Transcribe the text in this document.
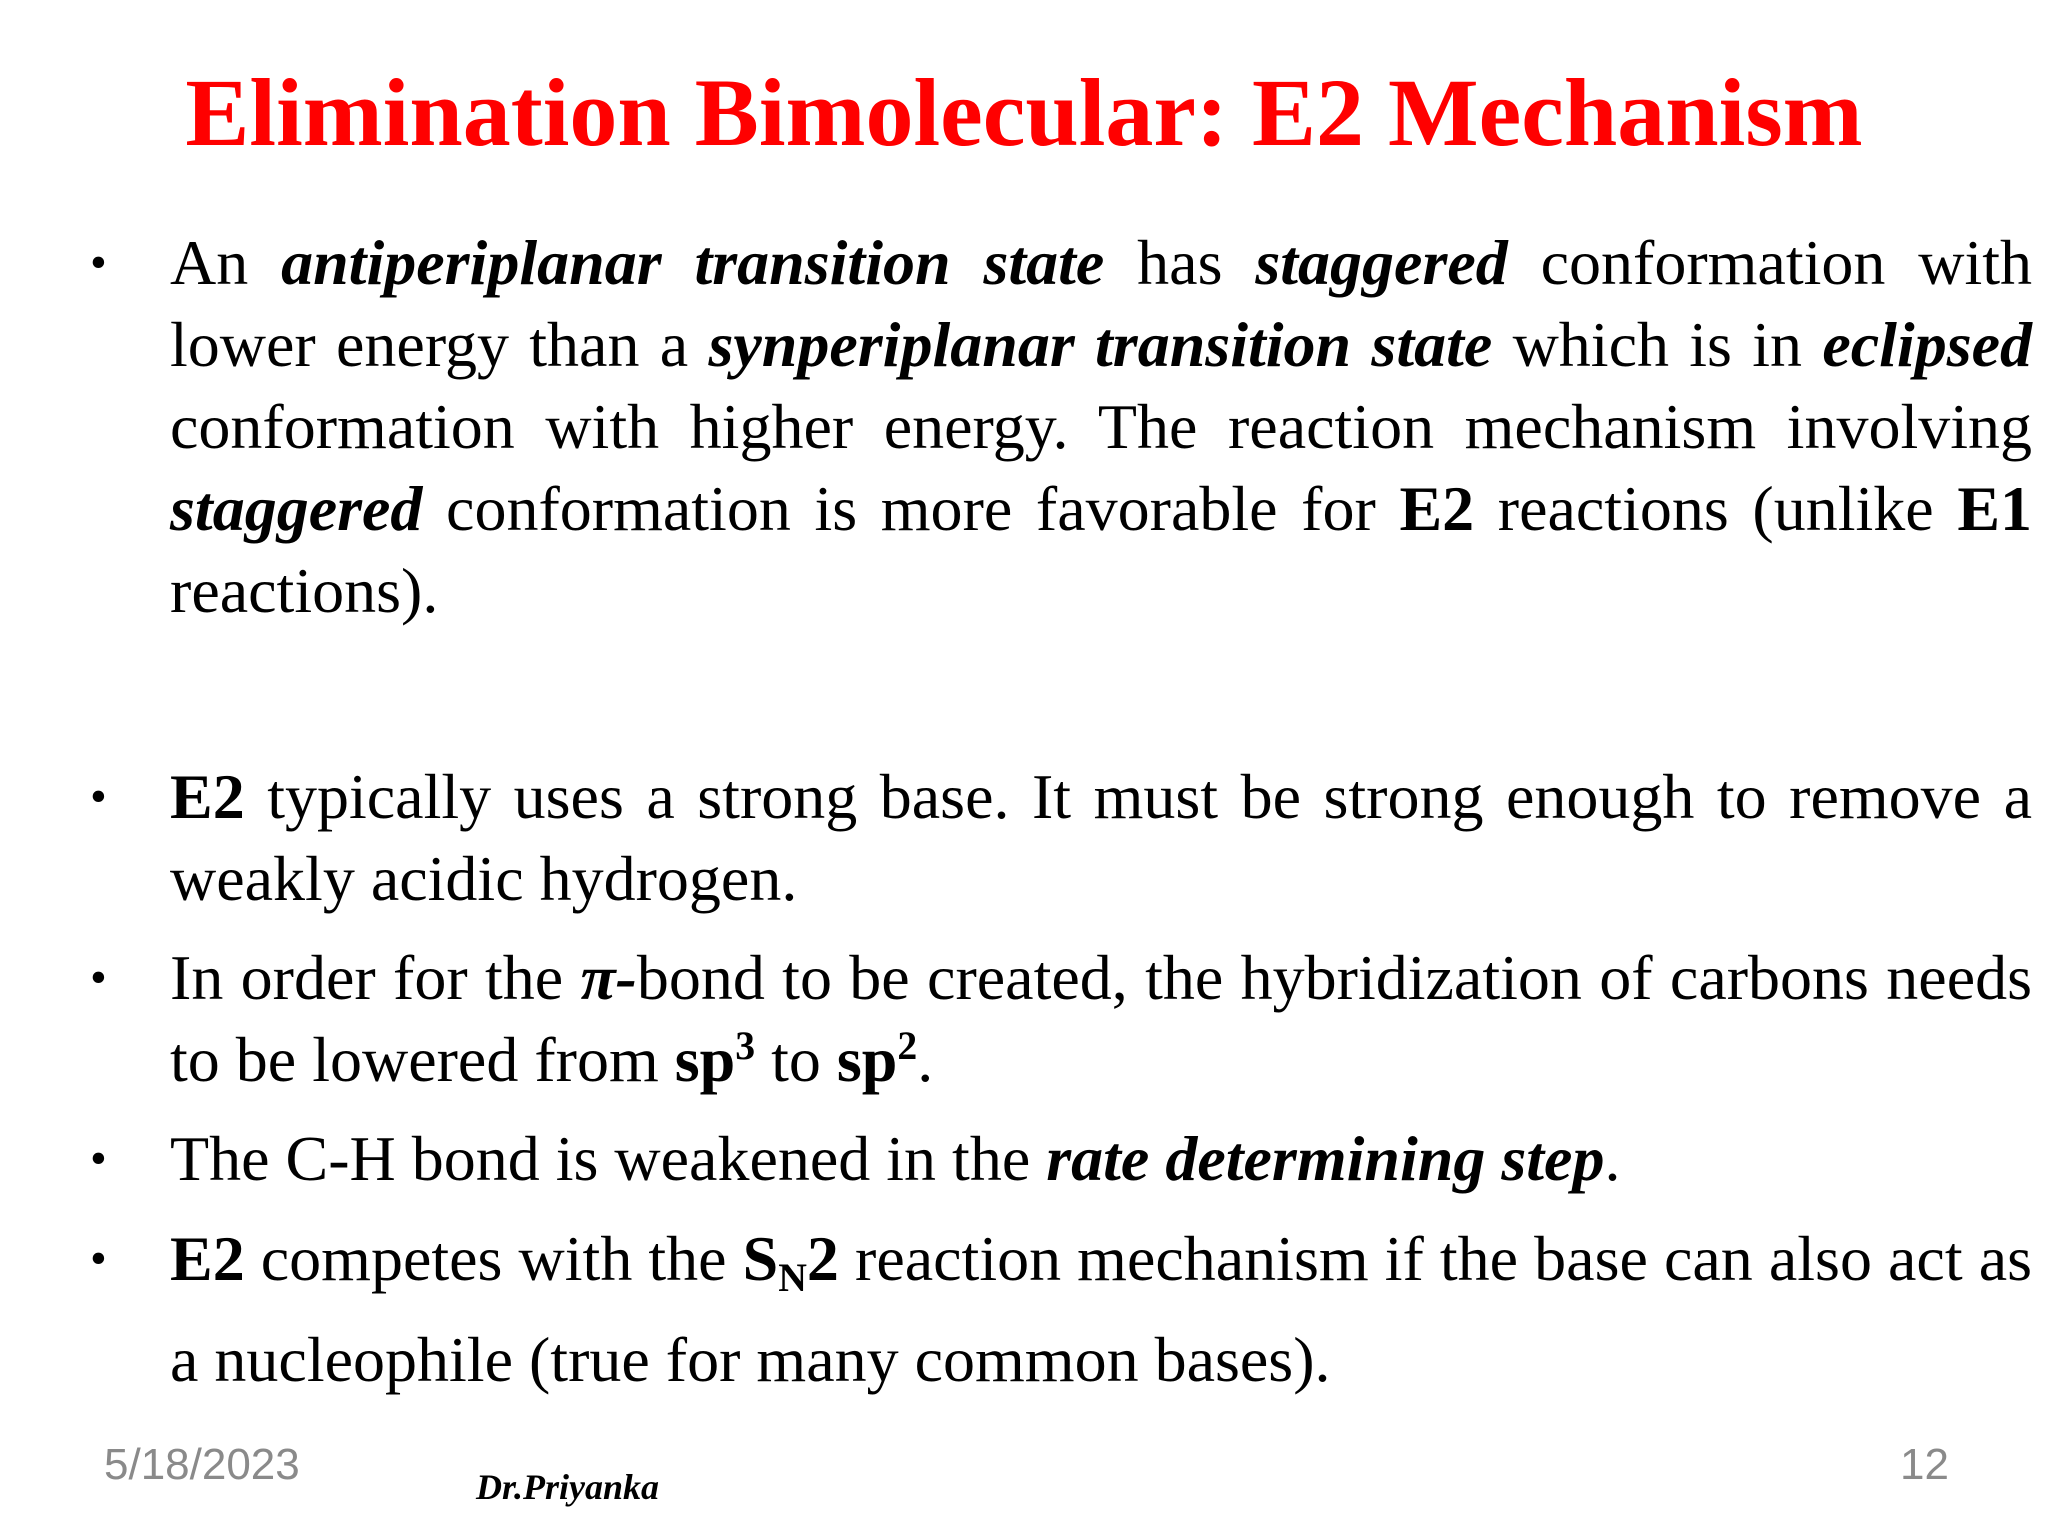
Elimination Bimolecular: E2 Mechanism
• An antiperiplanar transition state has staggered conformation with lower energy than a synperiplanar transition state which is in eclipsed conformation with higher energy. The reaction mechanism involving staggered conformation is more favorable for E2 reactions (unlike E1 reactions).
• E2 typically uses a strong base. It must be strong enough to remove a weakly acidic hydrogen.
• In order for the π-bond to be created, the hybridization of carbons needs to be lowered from $sp^3$ to $sp^2$.
• The C-H bond is weakened in the rate determining step.
• E2 competes with the $S_N2$ reaction mechanism if the base can also act as a nucleophile (true for many common bases).
5/18/2023	Dr.Priyanka	12
